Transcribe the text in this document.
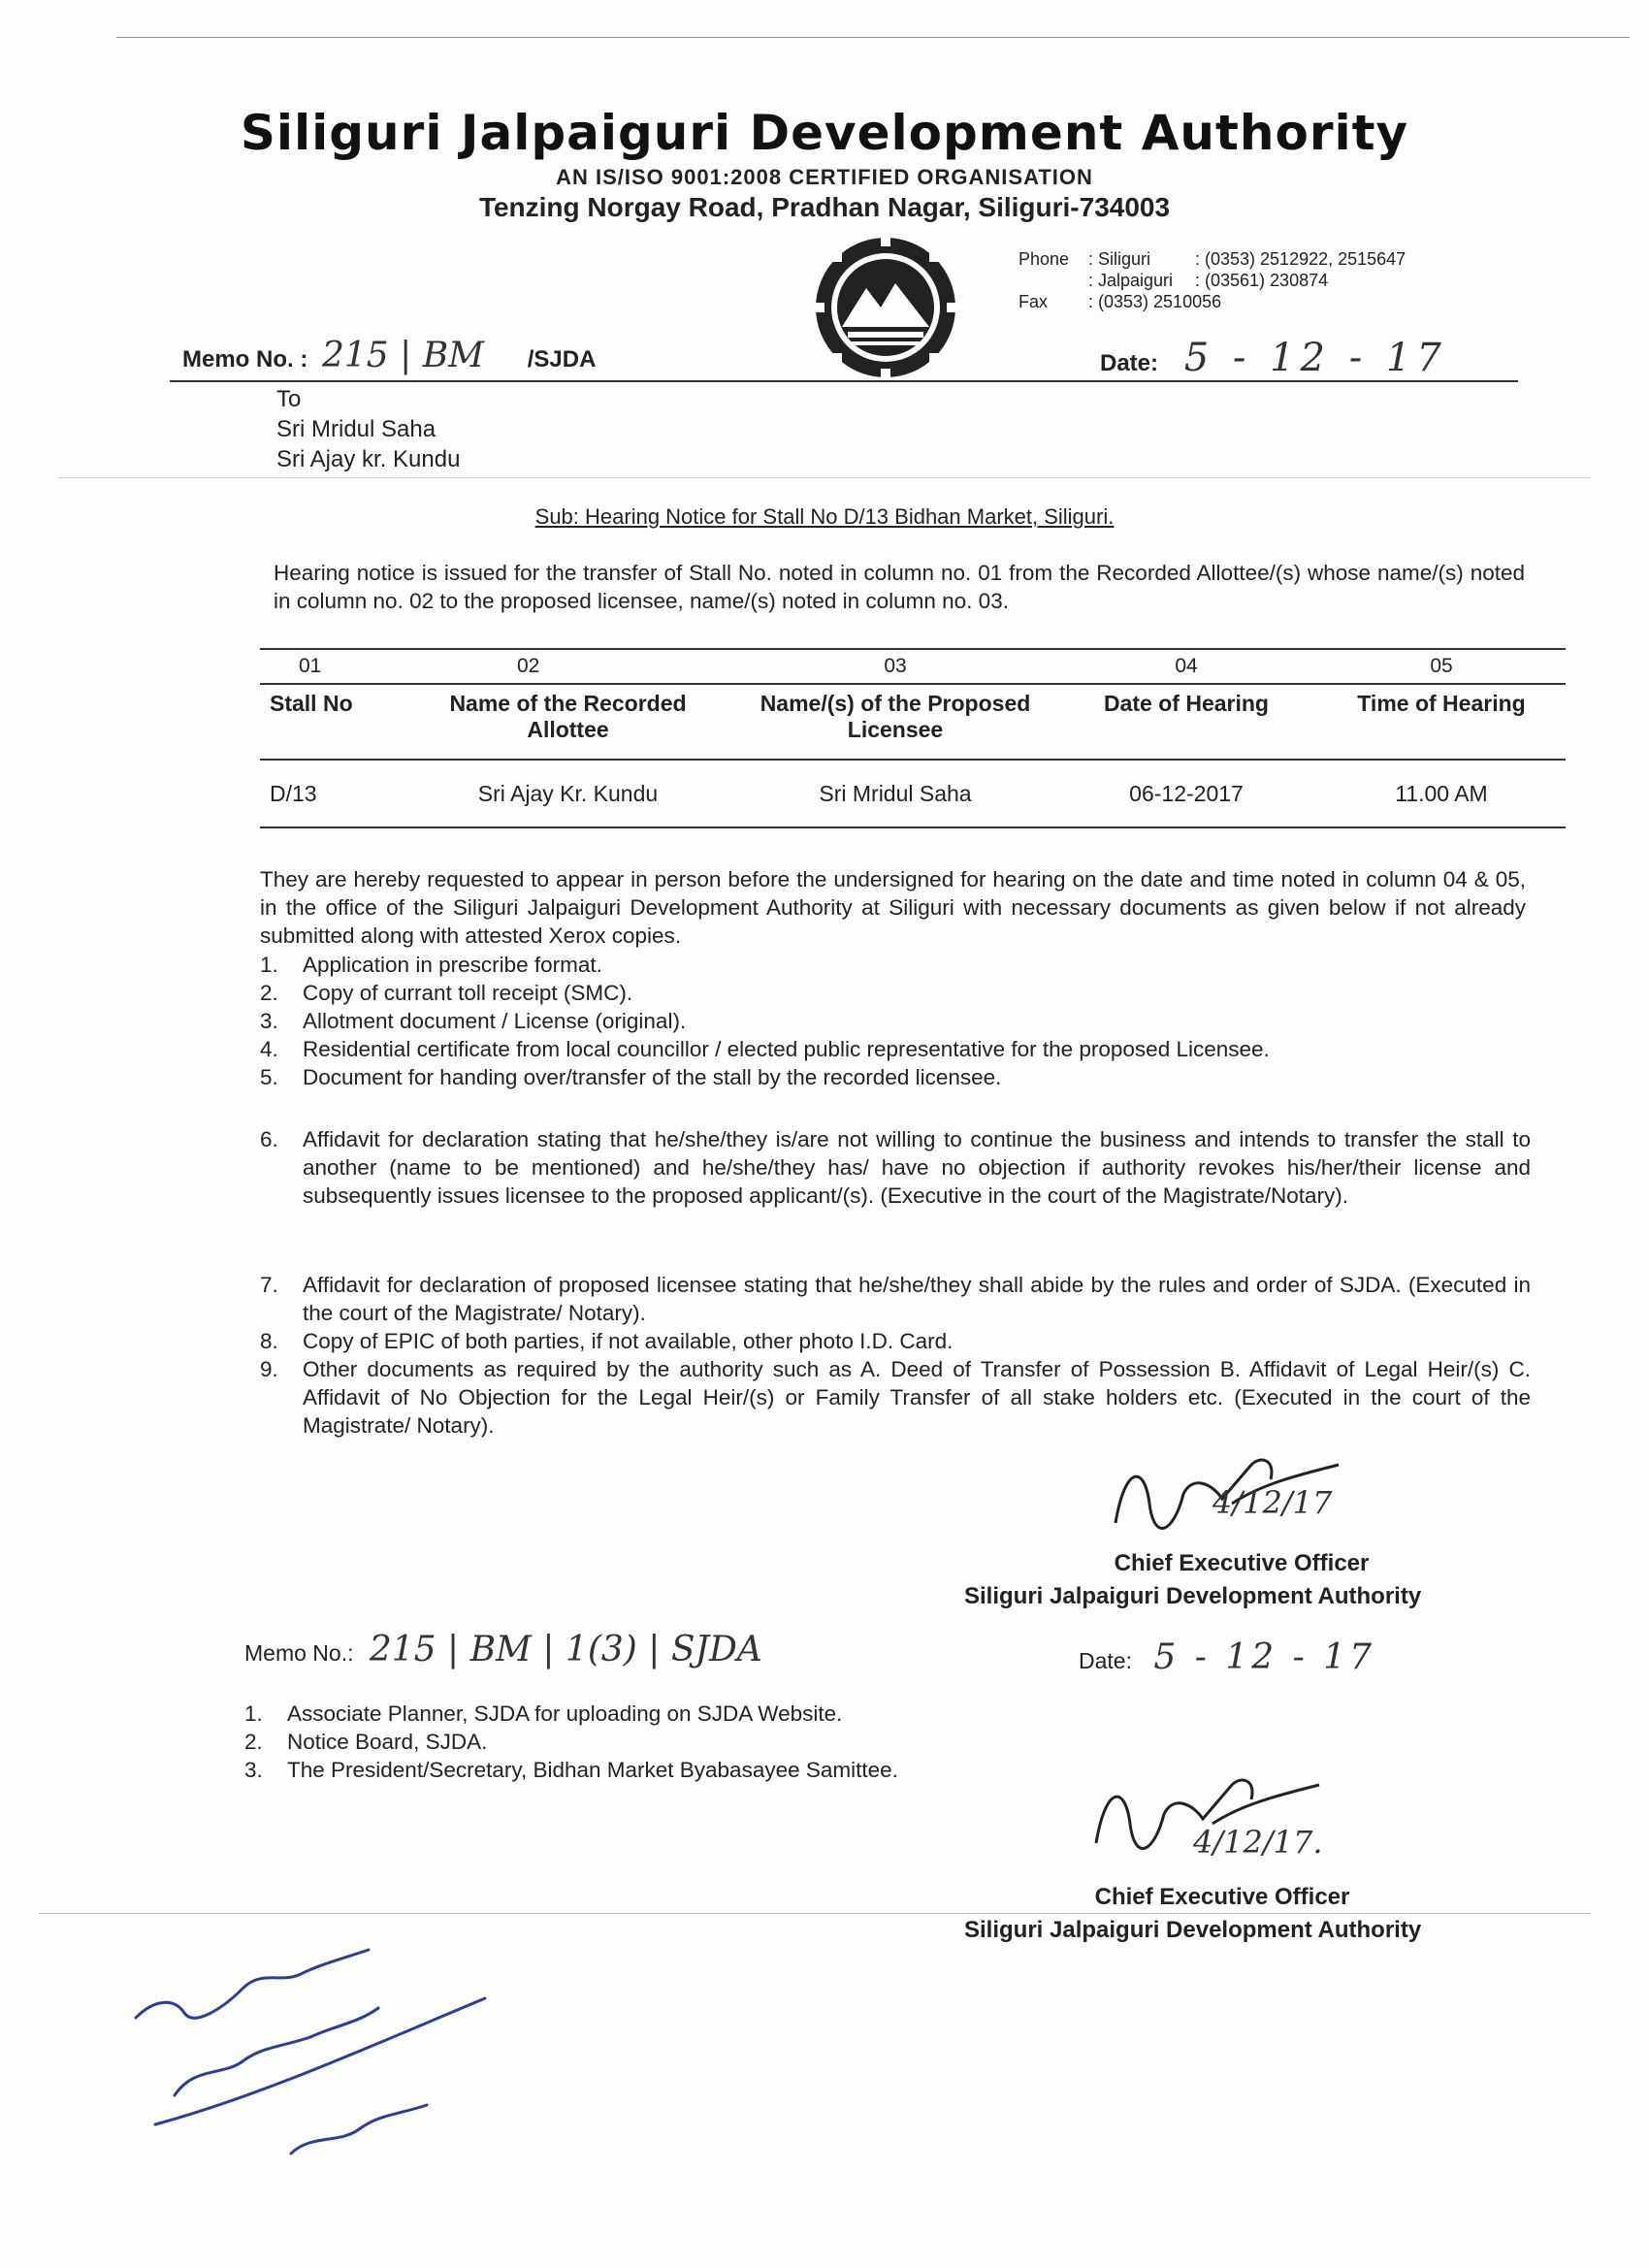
Siliguri Jalpaiguri Development Authority
AN IS/ISO 9001:2008 CERTIFIED ORGANISATION
Tenzing Norgay Road, Pradhan Nagar, Siliguri-734003
Phone : Siliguri	: (0353) 2512922, 2515647
: Jalpaiguri : (03561) 230874
Fax : (0353) 2510056
Memo No. : 215 | BM /SJDA	Date: 5 - 12 - 17
To
Sri Mridul Saha
Sri Ajay kr. Kundu
Sub: Hearing Notice for Stall No D/13 Bidhan Market, Siliguri.
Hearing notice is issued for the transfer of Stall No. noted in column no. 01 from the Recorded Allottee/(s) whose name/(s) noted in column no. 02 to the proposed licensee, name/(s) noted in column no. 03.
01	02	03	04	05
Stall No	Name of the Recorded Allottee	Name/(s) of the Proposed Licensee	Date of Hearing	Time of Hearing
D/13	Sri Ajay Kr. Kundu	Sri Mridul Saha	06-12-2017	11.00 AM
They are hereby requested to appear in person before the undersigned for hearing on the date and time noted in column 04 & 05, in the office of the Siliguri Jalpaiguri Development Authority at Siliguri with necessary documents as given below if not already submitted along with attested Xerox copies.
1. Application in prescribe format.
2. Copy of currant toll receipt (SMC).
3. Allotment document / License (original).
4. Residential certificate from local councillor / elected public representative for the proposed Licensee.
5. Document for handing over/transfer of the stall by the recorded licensee.
6. Affidavit for declaration stating that he/she/they is/are not willing to continue the business and intends to transfer the stall to another (name to be mentioned) and he/she/they has/ have no objection if authority revokes his/her/their license and subsequently issues licensee to the proposed applicant/(s). (Executive in the court of the Magistrate/Notary).
7. Affidavit for declaration of proposed licensee stating that he/she/they shall abide by the rules and order of SJDA. (Executed in the court of the Magistrate/ Notary).
8. Copy of EPIC of both parties, if not available, other photo I.D. Card.
9. Other documents as required by the authority such as A. Deed of Transfer of Possession B. Affidavit of Legal Heir/(s) C. Affidavit of No Objection for the Legal Heir/(s) or Family Transfer of all stake holders etc. (Executed in the court of the Magistrate/ Notary).
4/12/17
Chief Executive Officer
Siliguri Jalpaiguri Development Authority
Memo No.: 215 | BM | 1(3) | SJDA	Date: 5 - 12 - 17
1. Associate Planner, SJDA for uploading on SJDA Website.
2. Notice Board, SJDA.
3. The President/Secretary, Bidhan Market Byabasayee Samittee.
4/12/17.
Chief Executive Officer
Siliguri Jalpaiguri Development Authority
